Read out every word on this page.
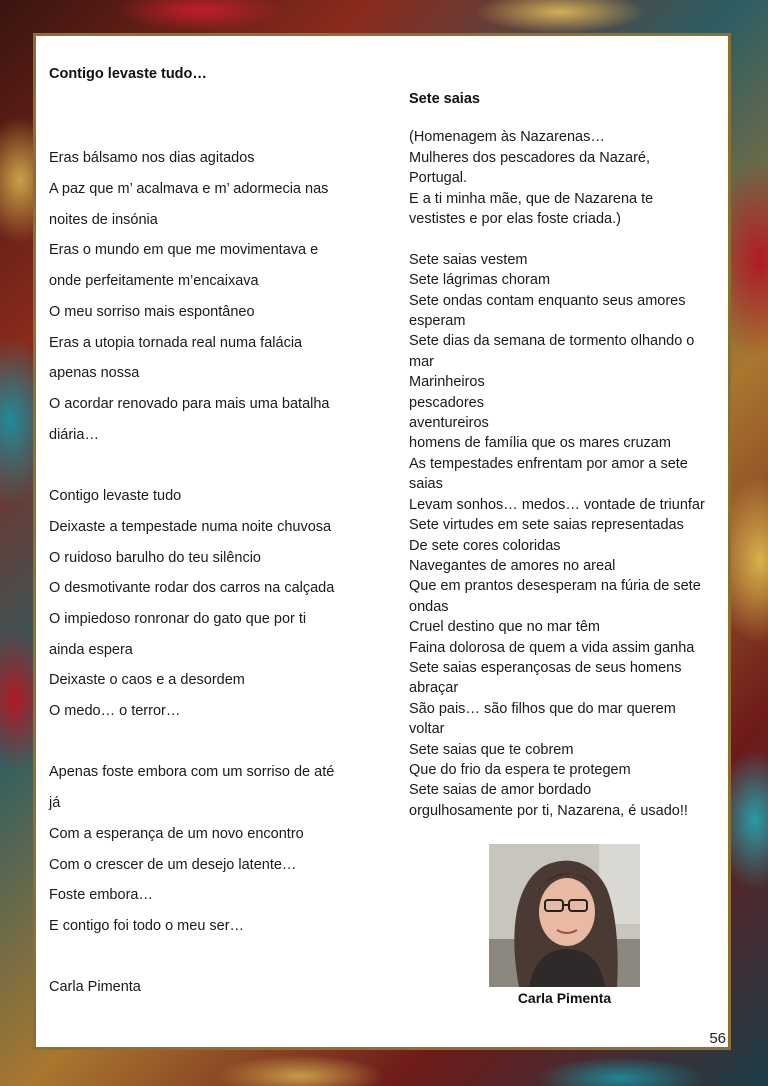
Contigo levaste tudo…
Eras bálsamo nos dias agitados
A paz que m’ acalmava e m’ adormecia nas
noites de insónia
Eras o mundo em que me movimentava e
onde perfeitamente m’encaixava
O meu sorriso mais espontâneo
Eras a utopia tornada real numa falácia
apenas nossa
O acordar renovado para mais uma batalha
diária…
Contigo levaste tudo
Deixaste a tempestade numa noite chuvosa
O ruidoso barulho do teu silêncio
O desmotivante rodar dos carros na calçada
O impiedoso ronronar do gato que por ti
ainda espera
Deixaste o caos e a desordem
O medo… o terror…
Apenas foste embora com um sorriso de até
já
Com a esperança de um novo encontro
Com o crescer de um desejo latente…
Foste embora…
E contigo foi todo o meu ser…
Carla Pimenta
Sete saias
(Homenagem às Nazarenas…
Mulheres dos pescadores da Nazaré,
Portugal.
E a ti minha mãe, que de Nazarena te
vestistes e por elas foste criada.)
Sete saias vestem
Sete lágrimas choram
Sete ondas contam enquanto seus amores
esperam
Sete dias da semana de tormento olhando o
mar
Marinheiros
pescadores
aventureiros
homens de família que os mares cruzam
As tempestades enfrentam por amor a sete
saias
Levam sonhos… medos… vontade de triunfar
Sete virtudes em sete saias representadas
De sete cores coloridas
Navegantes de amores no areal
Que em prantos desesperam na fúria de sete
ondas
Cruel destino que no mar têm
Faina dolorosa de quem a vida assim ganha
Sete saias esperançosas de seus homens
abraçar
São pais… são filhos que do mar querem
voltar
Sete saias que te cobrem
Que do frio da espera te protegem
Sete saias de amor bordado
orgulhosamente por ti, Nazarena, é usado!!
Carla Pimenta
56
